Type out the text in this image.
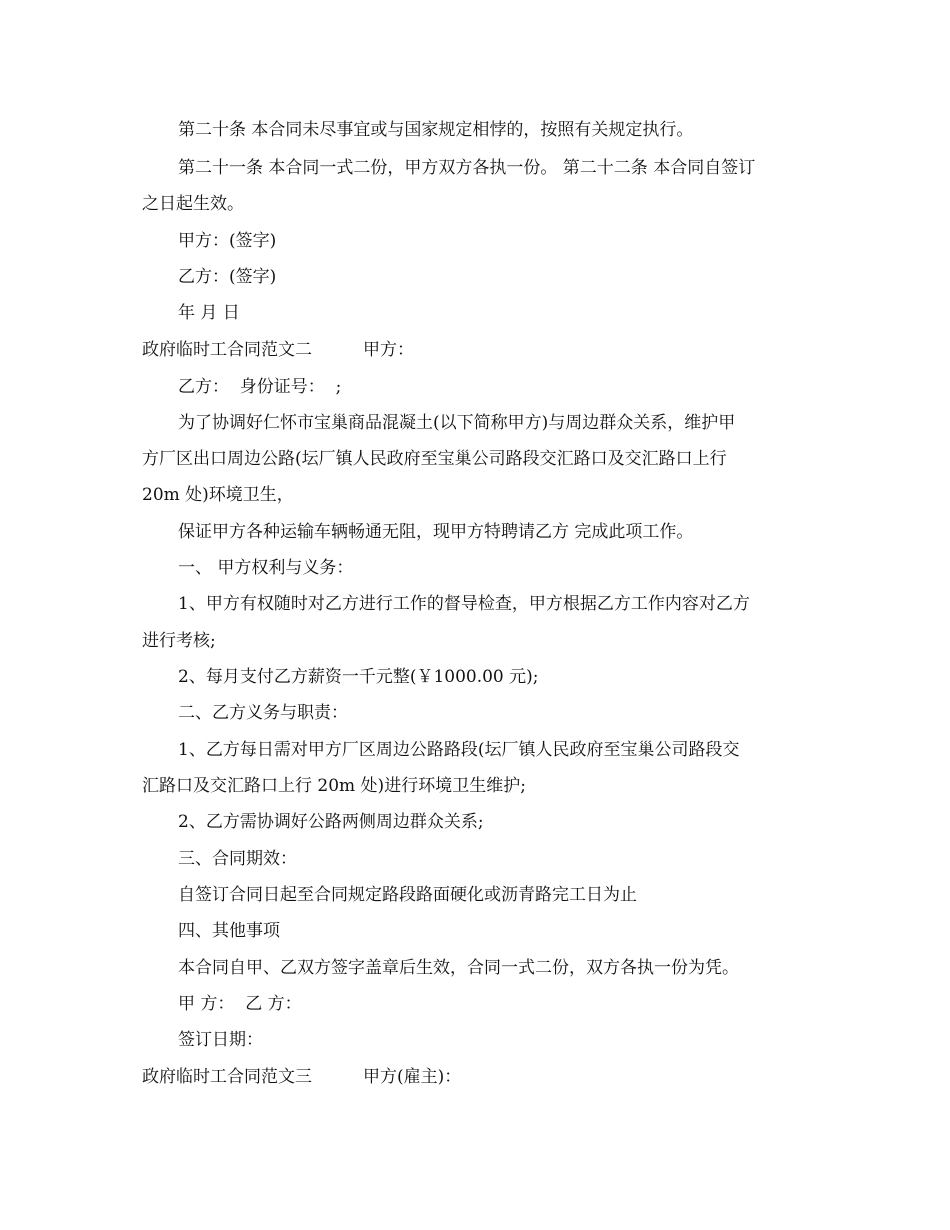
第二十条 本合同未尽事宜或与国家规定相悖的，按照有关规定执行。
第二十一条 本合同一式二份，甲方双方各执一份。 第二十二条 本合同自签订
之日起生效。
甲方：(签字)
乙方：(签字)
年 月 日
政府临时工合同范文二　　　甲方：
乙方：  身份证号：  ;
为了协调好仁怀市宝巢商品混凝土(以下简称甲方)与周边群众关系，维护甲
方厂区出口周边公路(坛厂镇人民政府至宝巢公司路段交汇路口及交汇路口上行
20m 处)环境卫生，
保证甲方各种运输车辆畅通无阻，现甲方特聘请乙方 完成此项工作。
一、 甲方权利与义务：
1、甲方有权随时对乙方进行工作的督导检查，甲方根据乙方工作内容对乙方
进行考核;
2、每月支付乙方薪资一千元整(￥1000.00 元);
二、乙方义务与职责：
1、乙方每日需对甲方厂区周边公路路段(坛厂镇人民政府至宝巢公司路段交
汇路口及交汇路口上行 20m 处)进行环境卫生维护;
2、乙方需协调好公路两侧周边群众关系;
三、合同期效：
自签订合同日起至合同规定路段路面硬化或沥青路完工日为止
四、其他事项
本合同自甲、乙双方签字盖章后生效，合同一式二份，双方各执一份为凭。
甲 方：  乙 方：
签订日期：
政府临时工合同范文三　　　甲方(雇主)：
